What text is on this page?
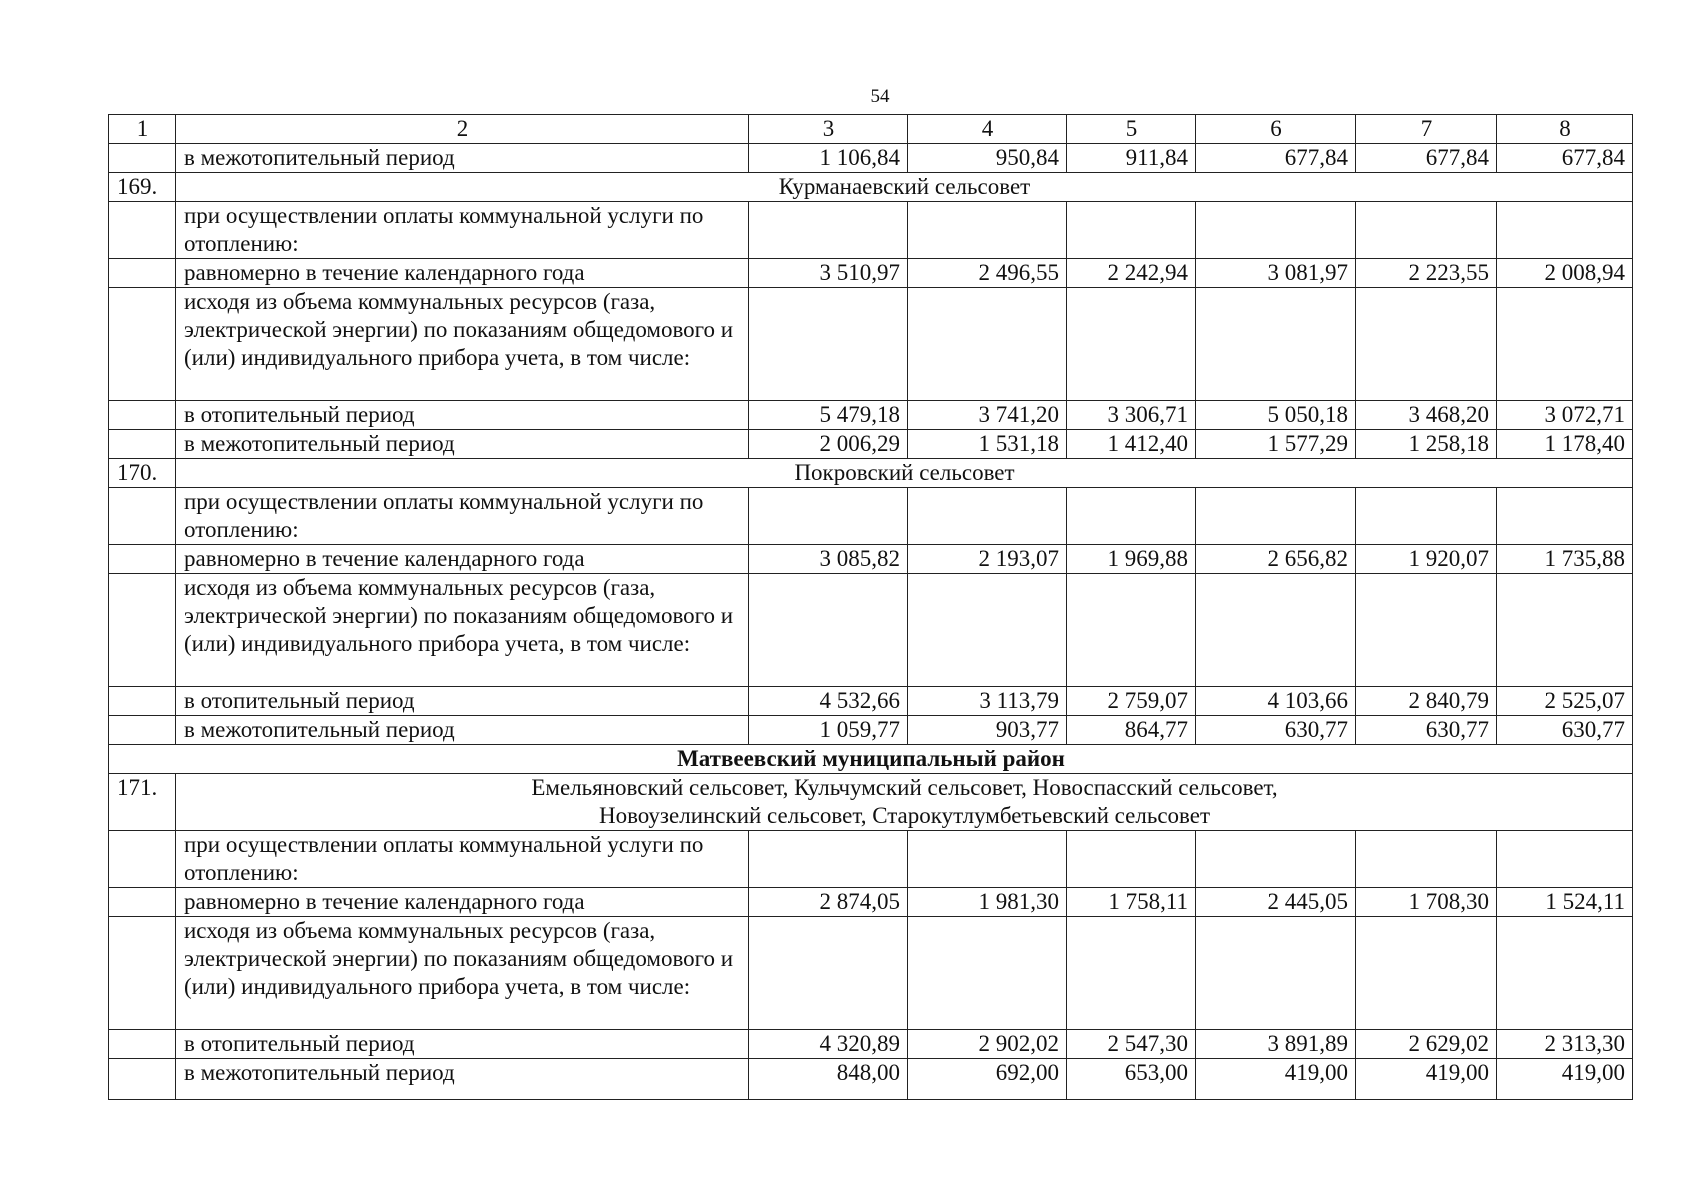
54
1	2	3	4	5	6	7	8
	в межотопительный период	1 106,84	950,84	911,84	677,84	677,84	677,84
169.	Курманаевский сельсовет						
	при осуществлении оплаты коммунальной услуги по отоплению:						
	равномерно в течение календарного года	3 510,97	2 496,55	2 242,94	3 081,97	2 223,55	2 008,94
	исходя из объема коммунальных ресурсов (газа, электрической энергии) по показаниям общедомового и (или) индивидуального прибора учета, в том числе:						
	в отопительный период	5 479,18	3 741,20	3 306,71	5 050,18	3 468,20	3 072,71
	в межотопительный период	2 006,29	1 531,18	1 412,40	1 577,29	1 258,18	1 178,40
170.	Покровский сельсовет						
	при осуществлении оплаты коммунальной услуги по отоплению:						
	равномерно в течение календарного года	3 085,82	2 193,07	1 969,88	2 656,82	1 920,07	1 735,88
	исходя из объема коммунальных ресурсов (газа, электрической энергии) по показаниям общедомового и (или) индивидуального прибора учета, в том числе:						
	в отопительный период	4 532,66	3 113,79	2 759,07	4 103,66	2 840,79	2 525,07
	в межотопительный период	1 059,77	903,77	864,77	630,77	630,77	630,77
Матвеевский муниципальный район							
171.	Емельяновский сельсовет, Кульчумский сельсовет, Новоспасский сельсовет,
Новоузелинский сельсовет, Старокутлумбетьевский сельсовет						
	при осуществлении оплаты коммунальной услуги по отоплению:						
	равномерно в течение календарного года	2 874,05	1 981,30	1 758,11	2 445,05	1 708,30	1 524,11
	исходя из объема коммунальных ресурсов (газа, электрической энергии) по показаниям общедомового и (или) индивидуального прибора учета, в том числе:						
	в отопительный период	4 320,89	2 902,02	2 547,30	3 891,89	2 629,02	2 313,30
	в межотопительный период	848,00	692,00	653,00	419,00	419,00	419,00
